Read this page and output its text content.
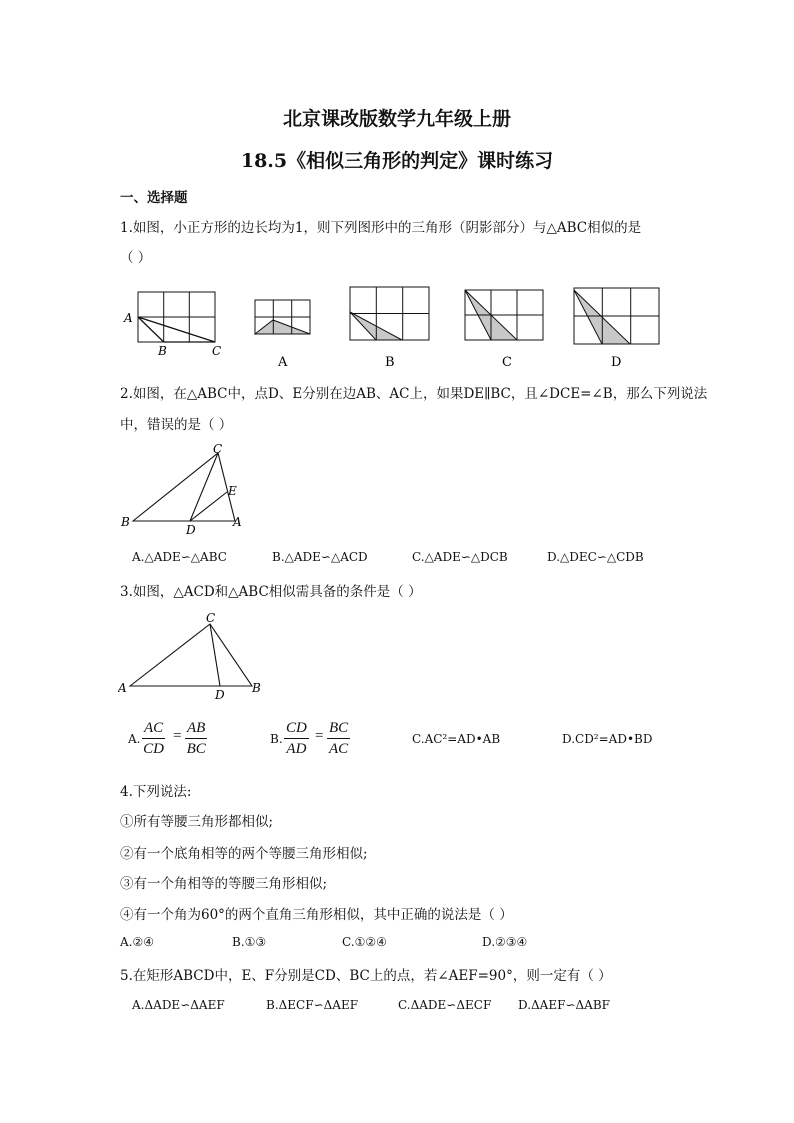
北京课改版数学九年级上册
18.5《相似三角形的判定》课时练习
一、选择题
1.如图，小正方形的边长均为1，则下列图形中的三角形（阴影部分）与△ABC相似的是
（ ）
A
B	C
A	B	C	D
2.如图，在△ABC中，点D、E分别在边AB、AC上，如果DE∥BC，且∠DCE=∠B，那么下列说法
中，错误的是（ ）
B
C
E
D
A
A.△ADE∽△ABC	B.△ADE∽△ACD	C.△ADE∽△DCB	D.△DEC∽△CDB
3.如图，△ACD和△ABC相似需具备的条件是（ ）
A
C
D B
A. $\frac{AC}{CD} = \frac{AB}{BC}$	B. $\frac{CD}{AD} = \frac{BC}{AC}$	C.AC²=AD•AB	D.CD²=AD•BD
4.下列说法:
①所有等腰三角形都相似;
②有一个底角相等的两个等腰三角形相似;
③有一个角相等的等腰三角形相似;
④有一个角为60°的两个直角三角形相似，其中正确的说法是（ ）
A.②④	B.①③	C.①②④	D.②③④
5.在矩形ABCD中，E、F分别是CD、BC上的点，若∠AEF=90°，则一定有（ ）
A.ΔADE∽ΔAEF	B.ΔECF∽ΔAEF	C.ΔADE∽ΔECF D.ΔAEF∽ΔABF
